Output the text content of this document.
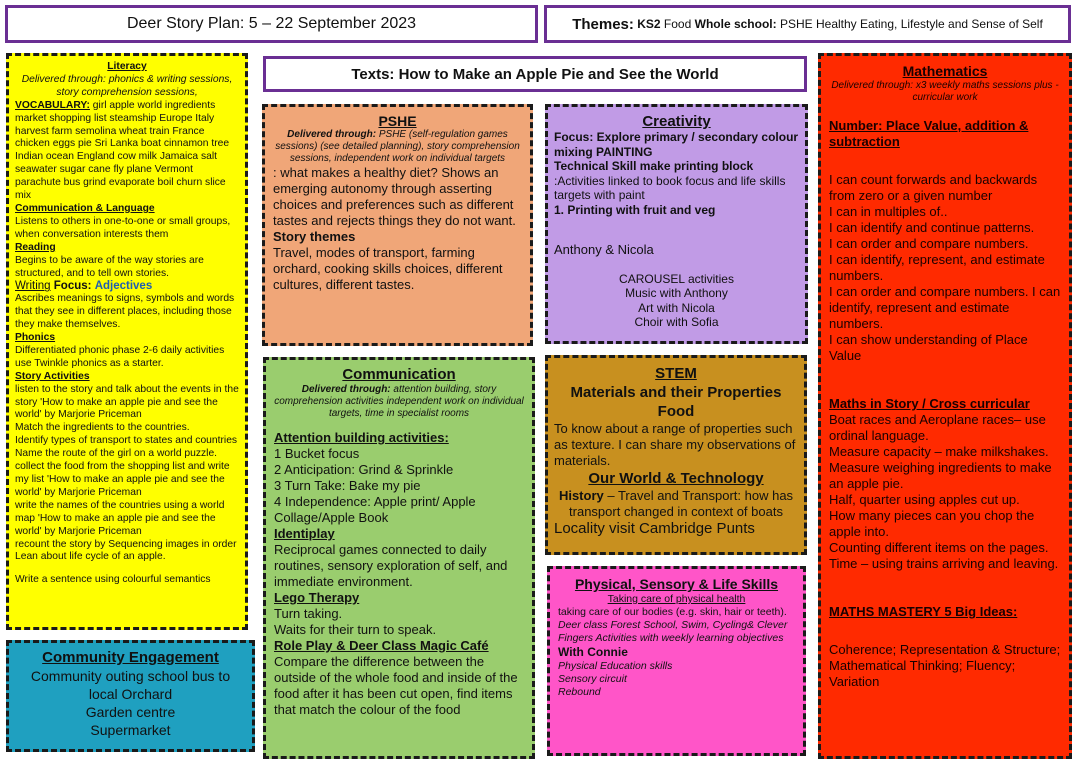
Deer Story Plan: 5 – 22 September 2023	Themes:
KS2
Food
Whole school:
PSHE Healthy Eating, Lifestyle and Sense of Self
Texts: How to Make an Apple Pie and See the World

Literacy

Delivered through: phonics & writing sessions, story comprehension sessions,

VOCABULARY: girl apple world ingredients market shopping list steamship Europe Italy harvest farm semolina wheat train France chicken eggs pie Sri Lanka boat cinnamon tree Indian ocean England cow milk Jamaica salt seawater sugar cane fly plane Vermont parachute bus grind evaporate boil churn slice mix

Communication & Language

Listens to others in one-to-one or small groups, when conversation interests them

Reading

Begins to be aware of the way stories are structured, and to tell own stories.

Writing Focus: Adjectives

Ascribes meanings to signs, symbols and words that they see in different places, including those they make themselves.

Phonics

Differentiated phonic phase 2-6 daily activities use Twinkle phonics as a starter.

Story Activities

listen to the story and talk about the events in the story 'How to make an apple pie and see the world' by Marjorie Priceman

Match the ingredients to the countries.

Identify types of transport to states and countries

Name the route of the girl on a world puzzle.

collect the food from the shopping list and write my list 'How to make an apple pie and see the world' by Marjorie Priceman

write the names of the countries using a world map 'How to make an apple pie and see the world' by Marjorie Priceman

recount the story by Sequencing images in order

Lean about life cycle of an apple.

Write a sentence using colourful semantics

Community Engagement

Community outing school bus to local Orchard

Garden centre

Supermarket

PSHE

Delivered through: PSHE (self-regulation games sessions) (see detailed planning), story comprehension sessions, independent work on individual targets

: what makes a healthy diet? Shows an emerging autonomy through asserting choices and preferences such as different tastes and rejects things they do not want.

Story themes

Travel, modes of transport, farming orchard, cooking skills choices, different cultures, different tastes.

Creativity

Focus: Explore primary / secondary colour mixing PAINTING

Technical Skill make printing block :Activities linked to book focus and life skills targets with paint

1. Printing with fruit and veg

Anthony & Nicola

CAROUSEL activities

Music with Anthony

Art with Nicola

Choir with Sofia

Communication

Delivered through: attention building, story comprehension activities independent work on individual targets, time in specialist rooms

Attention building activities:

1 Bucket focus

2 Anticipation: Grind & Sprinkle

3 Turn Take: Bake my pie

4 Independence: Apple print/ Apple Collage/Apple Book

Identiplay

Reciprocal games connected to daily routines, sensory exploration of self, and immediate environment.

Lego Therapy

Turn taking.

Waits for their turn to speak.

Role Play & Deer Class Magic Café

Compare the difference between the outside of the whole food and inside of the food after it has been cut open, find items that match the colour of the food

STEM

Materials and their Properties

Food

To know about a range of properties such as texture. I can share my observations of materials.

Our World & Technology

History – Travel and Transport: how has transport changed in context of boats

Locality visit Cambridge Punts

Physical, Sensory & Life Skills

Taking care of physical health

taking care of our bodies (e.g. skin, hair or teeth).

Deer class Forest School, Swim, Cycling& Clever Fingers Activities with weekly learning objectives

With Connie

Physical Education skills

Sensory circuit

Rebound

Mathematics

Delivered through: x3 weekly maths sessions plus -curricular work

Number: Place Value, addition & subtraction

I can count forwards and backwards from zero or a given number

I can in multiples of..

I can identify and continue patterns.

I can order and compare numbers.

I can identify, represent, and estimate numbers.

I can order and compare numbers. I can identify, represent and estimate numbers.

I can show understanding of Place Value

Maths in Story / Cross curricular

Boat races and Aeroplane races– use ordinal language.

Measure capacity – make milkshakes.

Measure weighing ingredients to make an apple pie.

Half, quarter using apples cut up.

How many pieces can you chop the apple into.

Counting different items on the pages.

Time – using trains arriving and leaving.

MATHS MASTERY 5 Big Ideas:

Coherence; Representation & Structure; Mathematical Thinking; Fluency; Variation
